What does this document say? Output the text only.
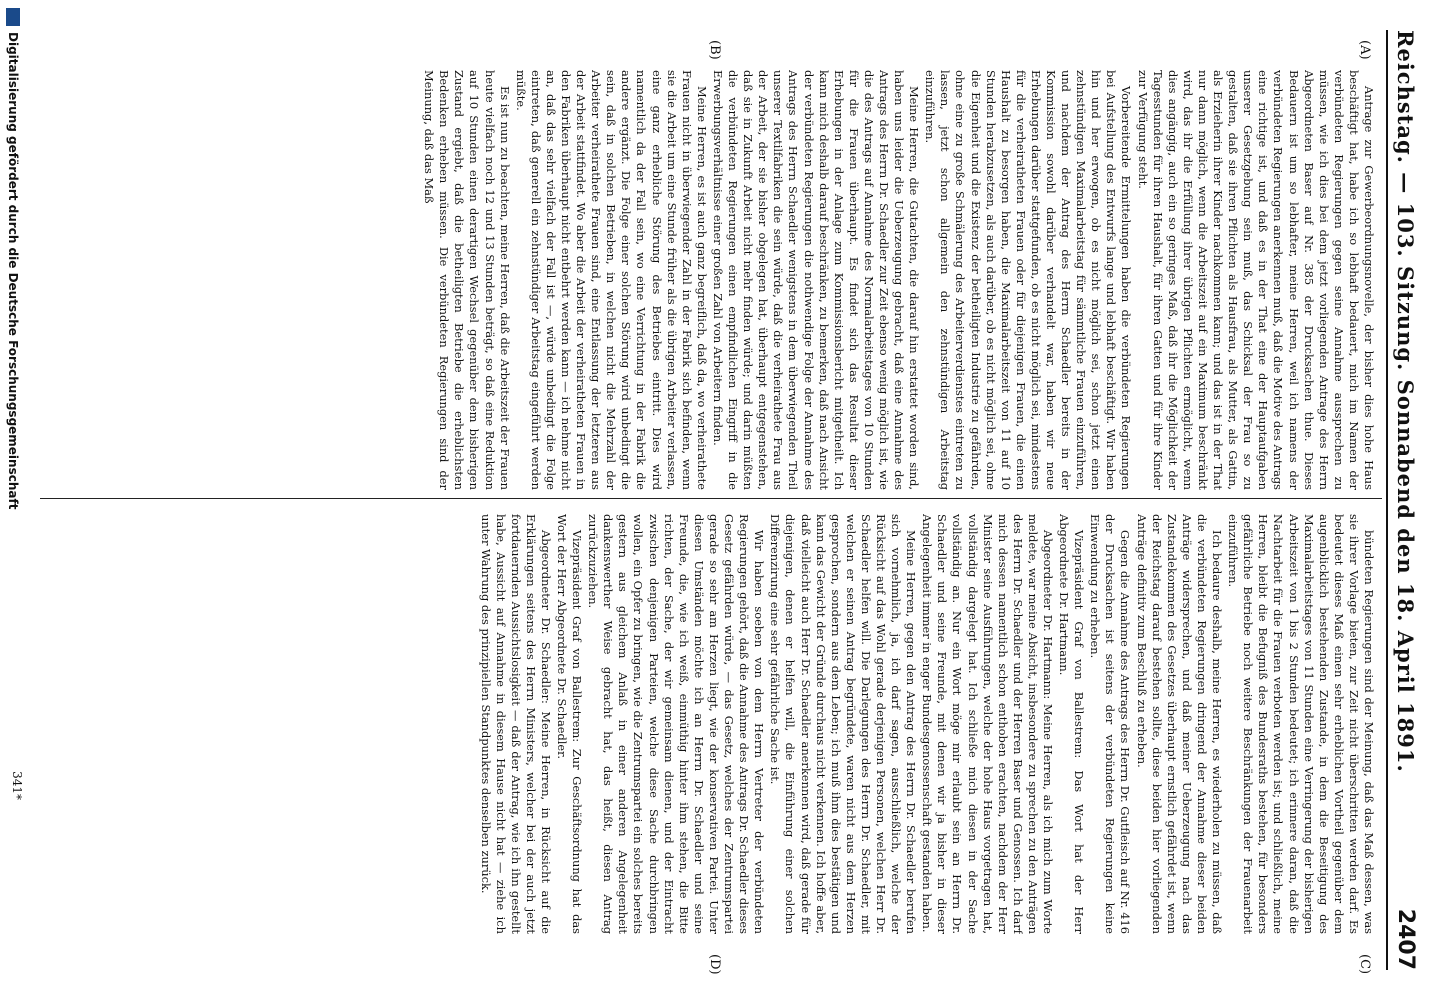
Reichstag. — 103. Sitzung. Sonnabend den 18. April 1891.
2407
(A)
(B)
(C)
(D)

Antrage zur Gewerbeordnungsnovelle, der bisher dies hohe Haus beschäftigt hat, habe ich so lebhaft bedauert, mich im Namen der verbündeten Regierungen gegen seine Annahme aussprechen zu müssen, wie ich dies bei dem jetzt vorliegenden Antrage des Herrn Abgeordneten Baser auf Nr. 385 der Drucksachen thue. Dieses Bedauern ist um so lebhafter, meine Herren, weil ich namens der verbündeten Regierungen anerkennen muß, daß die Motive des Antrags eine richtige ist, und daß es in der That eine der Hauptaufgaben unserer Gesetzgebung sein muß, das Schicksal der Frau so zu gestalten, daß sie ihren Pflichten als Hausfrau, als Mutter, als Gattin, als Erzieherin ihrer Kinder nachkommen kann; und das ist in der That nur dann möglich, wenn die Arbeitszeit auf ein Maximum beschränkt wird, das ihr die Erfüllung ihrer übrigen Pflichten ermöglicht, wenn dies angängig, auch ein so geringes Maß, daß ihr die Möglichkeit der Tagesstunden für ihren Haushalt, für ihren Gatten und für ihre Kinder zur Verfügung steht.

Vorbereitende Ermittelungen haben die verbündeten Regierungen bei Aufstellung des Entwurfs lange und lebhaft beschäftigt. Wir haben hin und her erwogen, ob es nicht möglich sei, schon jetzt einen zehnstündigen Maximalarbeitstag für sämmtliche Frauen einzuführen, und nachdem der Antrag des Herrn Schaedler bereits in der Kommission sowohl darüber verhandelt war, haben wir neue Erhebungen darüber stattgefunden, ob es nicht möglich sei, mindestens für die verheiratheten Frauen oder für diejenigen Frauen, die einen Haushalt zu besorgen haben, die Maximalarbeitszeit von 11 auf 10 Stunden herabzusetzen, als auch darüber, ob es nicht möglich sei, ohne die Eigenheit und die Existenz der betheiligten Industrie zu gefährden, ohne eine zu große Schmälerung des Arbeiterverdienstes eintreten zu lassen, jetzt schon allgemein den zehnstündigen Arbeitstag einzuführen.

Meine Herren, die Gutachten, die darauf hin erstattet worden sind, haben uns leider die Ueberzeugung gebracht, daß eine Annahme des Antrags des Herrn Dr. Schaedler zur Zeit ebenso wenig möglich ist, wie die des Antrags auf Annahme des Normalarbeitstages von 10 Stunden für die Frauen überhaupt. Es findet sich das Resultat dieser Erhebungen in der Anlage zum Kommissionsbericht mitgetheilt. Ich kann mich deshalb darauf beschränken, zu bemerken, daß nach Ansicht der verbündeten Regierungen die nothwendige Folge der Annahme des Antrags des Herrn Schaedler wenigstens in dem überwiegenden Theil unserer Textilfabriken die sein würde, daß die verheirathete Frau aus der Arbeit, der sie bisher obgelegen hat, überhaupt entgegenstehen, daß sie in Zukunft Arbeit nicht mehr finden würde; und darin müßten die verbündeten Regierungen einen empfindlichen Eingriff in die Erwerbungsverhältnisse einer großen Zahl von Arbeitern finden.

Meine Herren, es ist auch ganz begreiflich, daß da, wo verheirathete Frauen nicht in überwiegender Zahl in der Fabrik sich befinden, wenn sie die Arbeit um eine Stunde früher als die übrigen Arbeiter verlassen, eine ganz erhebliche Störung des Betriebes eintritt. Dies wird namentlich da der Fall sein, wo eine Verrichtung in der Fabrik die andere ergänzt. Die Folge einer solchen Störung wird unbedingt die sein, daß in solchen Betrieben, in welchen nicht die Mehrzahl der Arbeiter verheirathete Frauen sind, eine Entlassung der letzteren aus der Arbeit stattfindet. Wo aber die Arbeit der verheiratheten Frauen in den Fabriken überhaupt nicht entbehrt werden kann — ich nehme nicht an, daß das sehr vielfach der Fall ist —, würde unbedingt die Folge eintreten, daß generell ein zehnstündiger Arbeitstag eingeführt werden müßte.

Es ist nun zu beachten, meine Herren, daß die Arbeitszeit der Frauen heute vielfach noch 12 und 13 Stunden beträgt, so daß eine Reduktion auf 10 Stunden einen derartigen Wechsel gegenüber dem bisherigen Zustand ergiebt, daß die betheiligten Betriebe die erheblichsten Bedenken erheben müssen. Die verbündeten Regierungen sind der Meinung, daß das Maß

bündeten Regierungen sind der Meinung, daß das Maß dessen, was sie ihrer Vorlage bieten, zur Zeit nicht überschritten werden darf. Es bedeutet dieses Maß einen sehr erheblichen Vortheil gegenüber dem augenblicklich bestehenden Zustande, in dem die Beseitigung des Maximalarbeitstages von 11 Stunden eine Verringerung der bisherigen Arbeitszeit von 1 bis 2 Stunden bedeutet; ich erinnere daran, daß die Nachtarbeit für die Frauen verboten werden ist; und schließlich, meine Herren, bleibt die Befugniß des Bundesraths bestehen, für besonders gefährliche Betriebe noch weitere Beschränkungen der Frauenarbeit einzuführen.

Ich bedaure deshalb, meine Herren, es wiederholen zu müssen, daß die verbündeten Regierungen dringend der Annahme dieser beiden Anträge widersprechen, und daß meiner Ueberzeugung nach das Zustandekommen des Gesetzes überhaupt ernstlich gefährdet ist, wenn der Reichstag darauf bestehen sollte, diese beiden hier vorliegenden Anträge definitiv zum Beschluß zu erheben.

Gegen die Annahme des Antrags des Herrn Dr. Gutfleisch auf Nr. 416 der Drucksachen ist seitens der verbündeten Regierungen keine Einwendung zu erheben.

Vizepräsident Graf von Ballestrem: Das Wort hat der Herr Abgeordnete Dr. Hartmann.

Abgeordneter Dr. Hartmann: Meine Herren, als ich mich zum Worte meldete, war meine Absicht, insbesondere zu sprechen zu den Anträgen des Herrn Dr. Schaedler und der Herren Baser und Genossen. Ich darf mich dessen namentlich schon enthoben erachten, nachdem der Herr Minister seine Ausführungen, welche der hohe Haus vorgetragen hat, vollständig dargelegt hat. Ich schließe mich diesen in der Sache vollständig an. Nur ein Wort möge mir erlaubt sein an Herrn Dr. Schaedler und seine Freunde, mit denen wir ja bisher in dieser Angelegenheit immer in enger Bundesgenossenschaft gestanden haben.

Meine Herren, gegen den Antrag des Herrn Dr. Schaedler berufen sich vornehmlich, ja, ich darf sagen, ausschließlich, welche der Rücksicht auf das Wohl gerade derjenigen Personen, welchen Herr Dr. Schaedler helfen will. Die Darlegungen des Herrn Dr. Schaedler, mit welchen er seinen Antrag begründete, waren nicht aus dem Herzen gesprochen, sondern aus dem Leben; ich muß ihm dies bestätigen und kann das Gewicht der Gründe durchaus nicht verkennen. Ich hoffe aber, daß vielleicht auch Herr Dr. Schaedler anerkennen wird, daß gerade für diejenigen, denen er helfen will, die Einführung einer solchen Differenzirung eine sehr gefährliche Sache ist.

Wir haben soeben von dem Herrn Vertreter der verbündeten Regierungen gehört, daß die Annahme des Antrags Dr. Schaedler dieses Gesetz gefährden würde, — das Gesetz, welches der Zentrumspartei gerade so sehr am Herzen liegt, wie der konservativen Partei. Unter diesen Umständen möchte ich an Herrn Dr. Schaedler und seine Freunde, die, wie ich weiß, einmüthig hinter ihm stehen, die Bitte richten, der Sache, der wir gemeinsam dienen, und der Eintracht zwischen denjenigen Parteien, welche diese Sache durchbringen wollen, ein Opfer zu bringen, wie die Zentrumspartei ein solches bereits gestern aus gleichem Anlaß in einer anderen Angelegenheit dankenswerther Weise gebracht hat, das heißt, diesen Antrag zurückzuziehen.

Vizepräsident Graf von Ballestrem: Zur Geschäftsordnung hat das Wort der Herr Abgeordnete Dr. Schaedler.

Abgeordneter Dr. Schaedler: Meine Herren, in Rücksicht auf die Erklärungen seitens des Herrn Ministers, welcher bei der auch jetzt fortdauernden Aussichtslosigkeit — daß der Antrag, wie ich ihn gestellt habe, Aussicht auf Annahme in diesem Hause nicht hat — ziehe ich unter Wahrung des prinzipiellen Standpunktes denselben zurück.

341*
Digitalisierung gefördert durch die Deutsche Forschungsgemeinschaft
